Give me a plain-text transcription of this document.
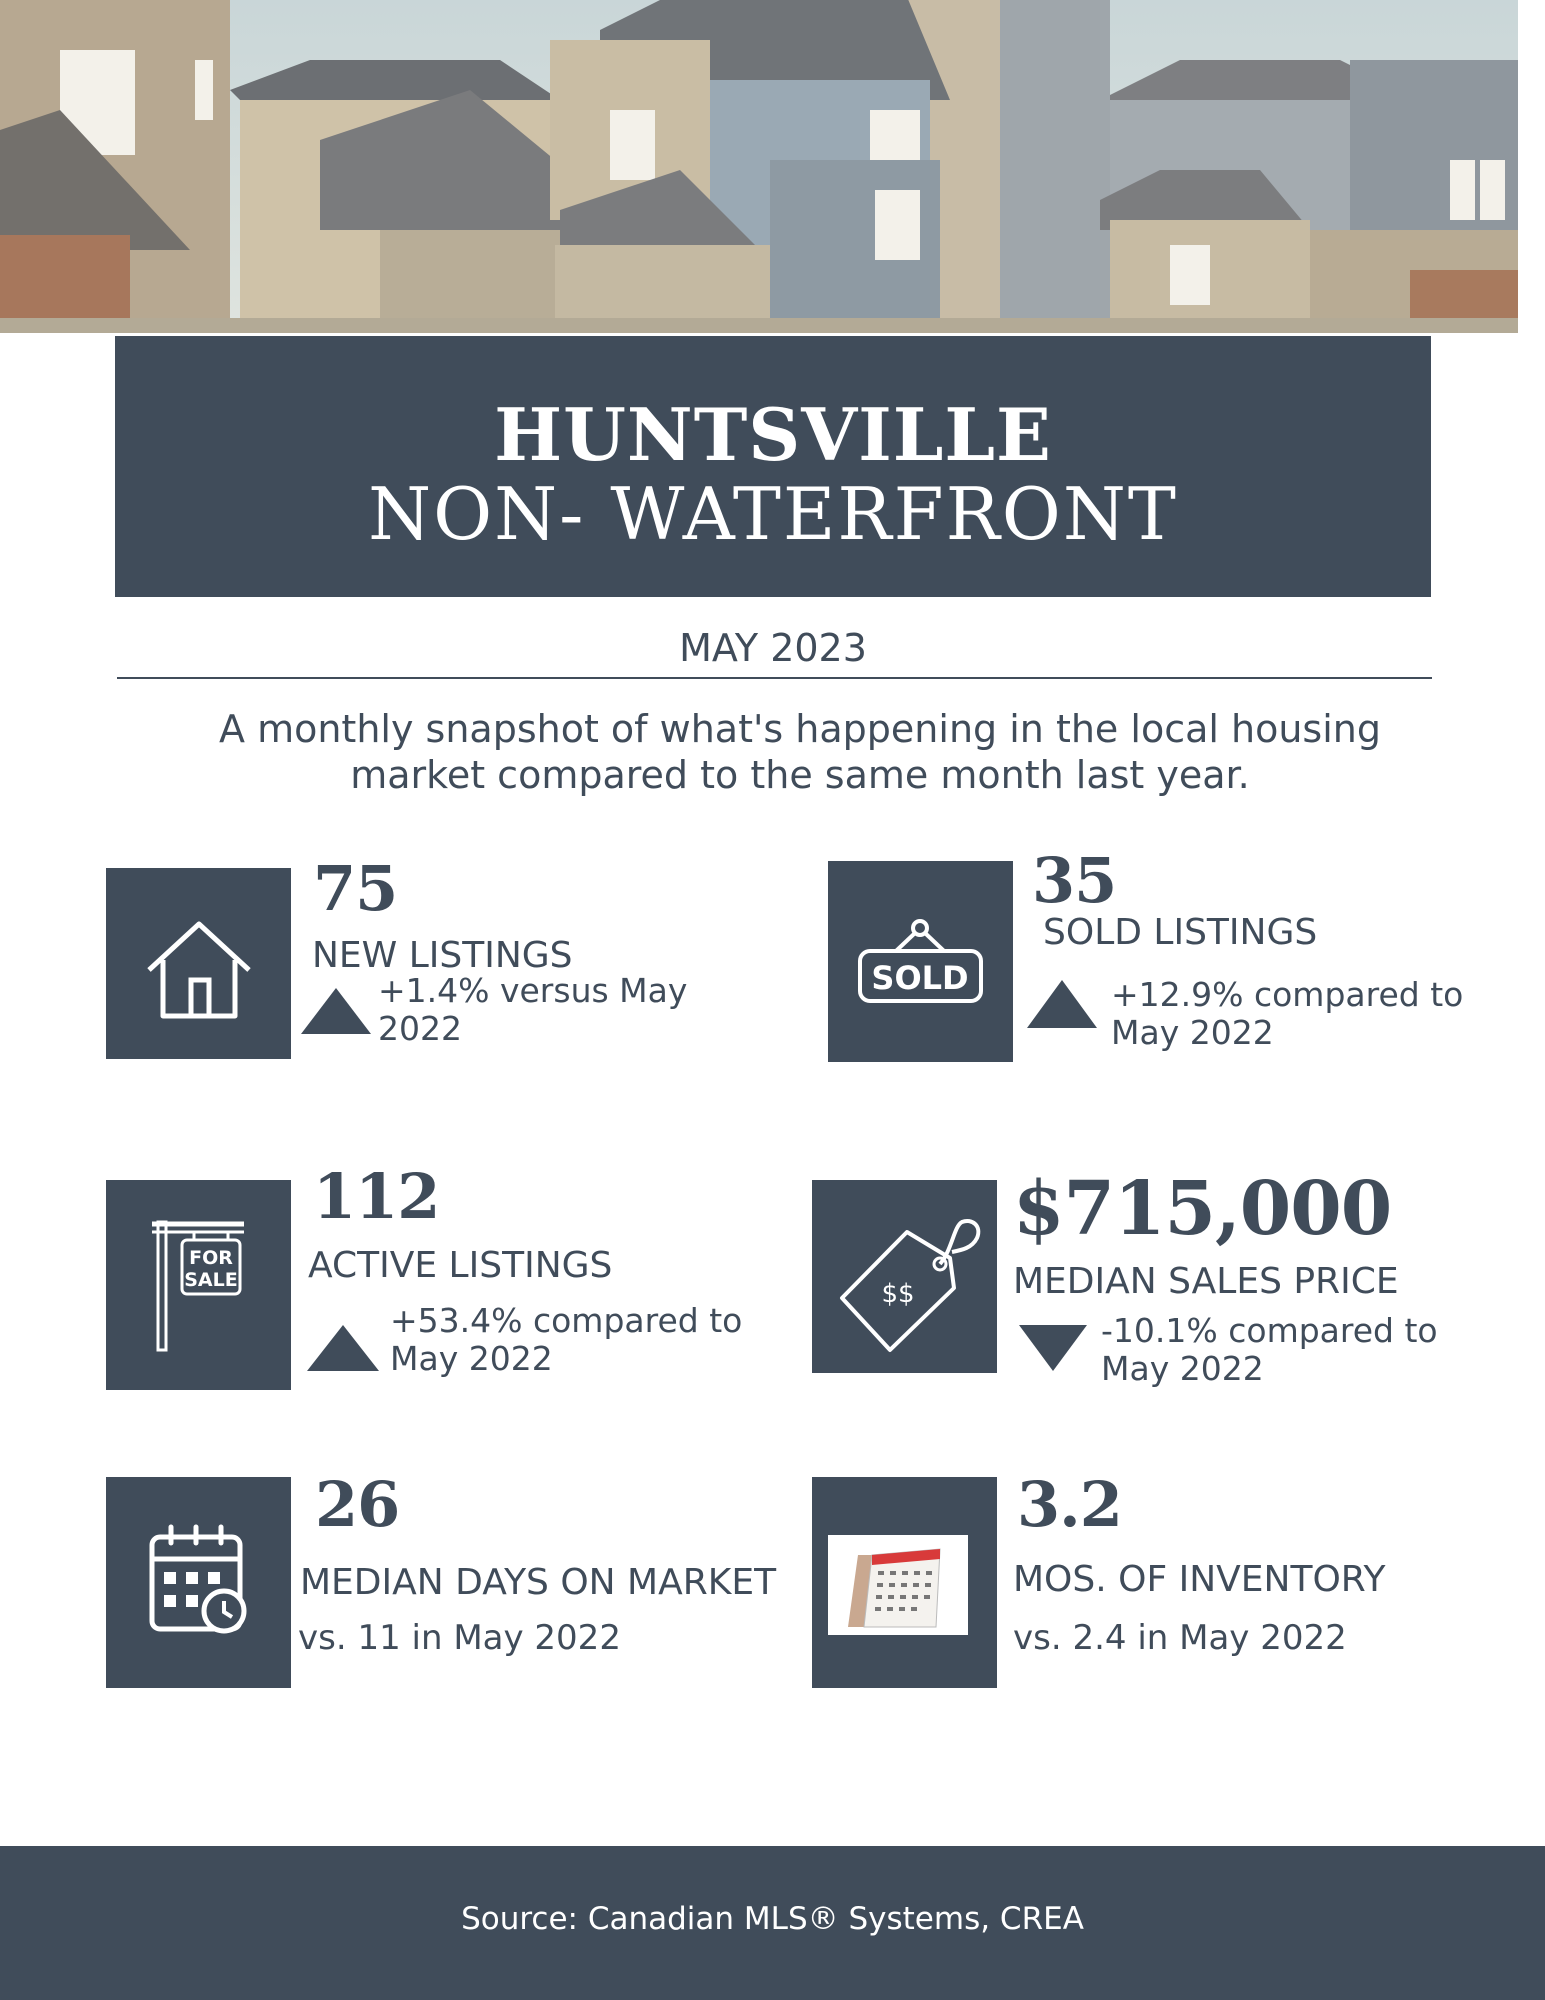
HUNTSVILLE
NON- WATERFRONT
MAY 2023
A monthly snapshot of what's happening in the local housing market compared to the same month last year.
75
NEW LISTINGS
+1.4% versus May 2022
SOLD
35
SOLD LISTINGS
+12.9% compared to May 2022
FOR
SALE
112
ACTIVE LISTINGS
+53.4% compared to May 2022
$$
$715,000
MEDIAN SALES PRICE
-10.1% compared to May 2022
26
MEDIAN DAYS ON MARKET
vs. 11 in May 2022
3.2
MOS. OF INVENTORY
vs. 2.4 in May 2022
Source: Canadian MLS® Systems, CREA
